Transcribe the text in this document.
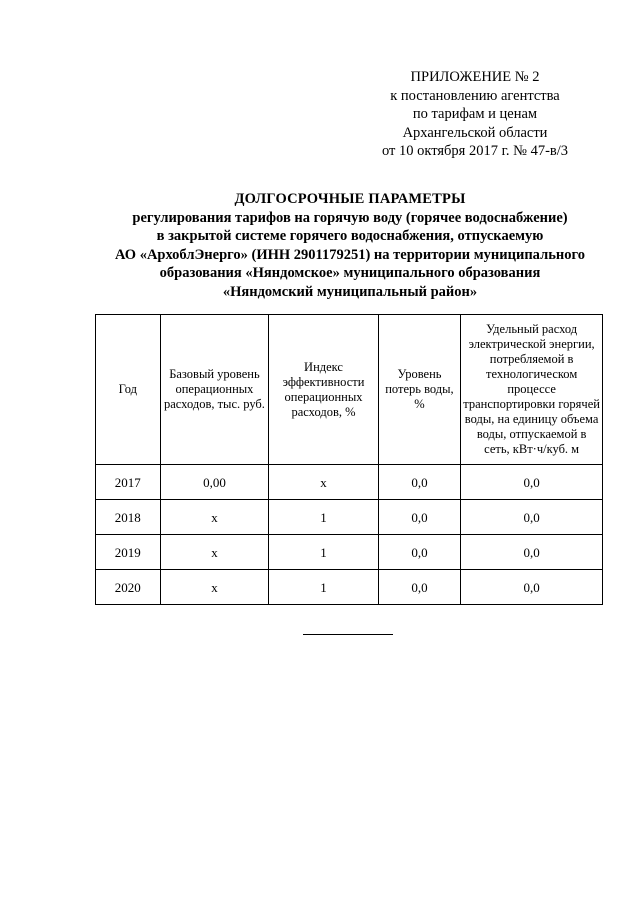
ПРИЛОЖЕНИЕ № 2
к постановлению агентства
по тарифам и ценам
Архангельской области
от 10 октября 2017 г. № 47-в/3
ДОЛГОСРОЧНЫЕ ПАРАМЕТРЫ
регулирования тарифов на горячую воду (горячее водоснабжение)
в закрытой системе горячего водоснабжения, отпускаемую
АО «АрхоблЭнерго» (ИНН 2901179251) на территории муниципального
образования «Няндомское» муниципального образования
«Няндомский муниципальный район»
Год	Базовый уровень операционных расходов, тыс. руб.	Индекс эффективности операционных расходов, %	Уровень потерь воды, %	Удельный расход электрической энергии, потребляемой в технологическом процессе транспортировки горячей воды, на единицу объема воды, отпускаемой в сеть, кВт·ч/куб. м
2017	0,00	х	0,0	0,0
2018	х	1	0,0	0,0
2019	х	1	0,0	0,0
2020	х	1	0,0	0,0
